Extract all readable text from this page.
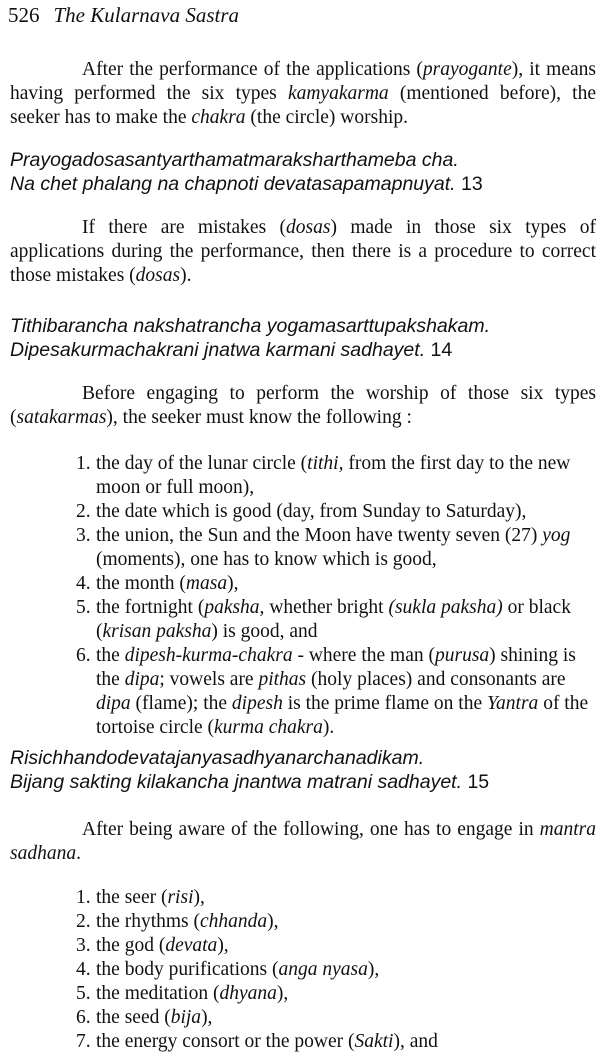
526 The Kularnava Sastra

After the performance of the applications (prayogante), it means having performed the six types kamyakarma (mentioned before), the seeker has to make the chakra (the circle) worship.

Prayogadosasantyarthamatmaraksharthameba cha.
Na chet phalang na chapnoti devatasapamapnuyat. 13

If there are mistakes (dosas) made in those six types of applications during the performance, then there is a procedure to correct those mistakes (dosas).

Tithibarancha nakshatrancha yogamasarttupakshakam.
Dipesakurmachakrani jnatwa karmani sadhayet. 14

Before engaging to perform the worship of those six types (satakarmas), the seeker must know the following :

1. the day of the lunar circle (tithi, from the first day to the new moon or full moon),
2. the date which is good (day, from Sunday to Saturday),
3. the union, the Sun and the Moon have twenty seven (27) yog (moments), one has to know which is good,
4. the month (masa),
5. the fortnight (paksha, whether bright (sukla paksha) or black (krisan paksha) is good, and
6. the dipesh-kurma-chakra - where the man (purusa) shining is the dipa; vowels are pithas (holy places) and consonants are dipa (flame); the dipesh is the prime flame on the Yantra of the tortoise circle (kurma chakra).
Risichhandodevatajanyasadhyanarchanadikam.
Bijang sakting kilakancha jnantwa matrani sadhayet. 15

After being aware of the following, one has to engage in mantra sadhana.

1. the seer (risi),
2. the rhythms (chhanda),
3. the god (devata),
4. the body purifications (anga nyasa),
5. the meditation (dhyana),
6. the seed (bija),
7. the energy consort or the power (Sakti), and
